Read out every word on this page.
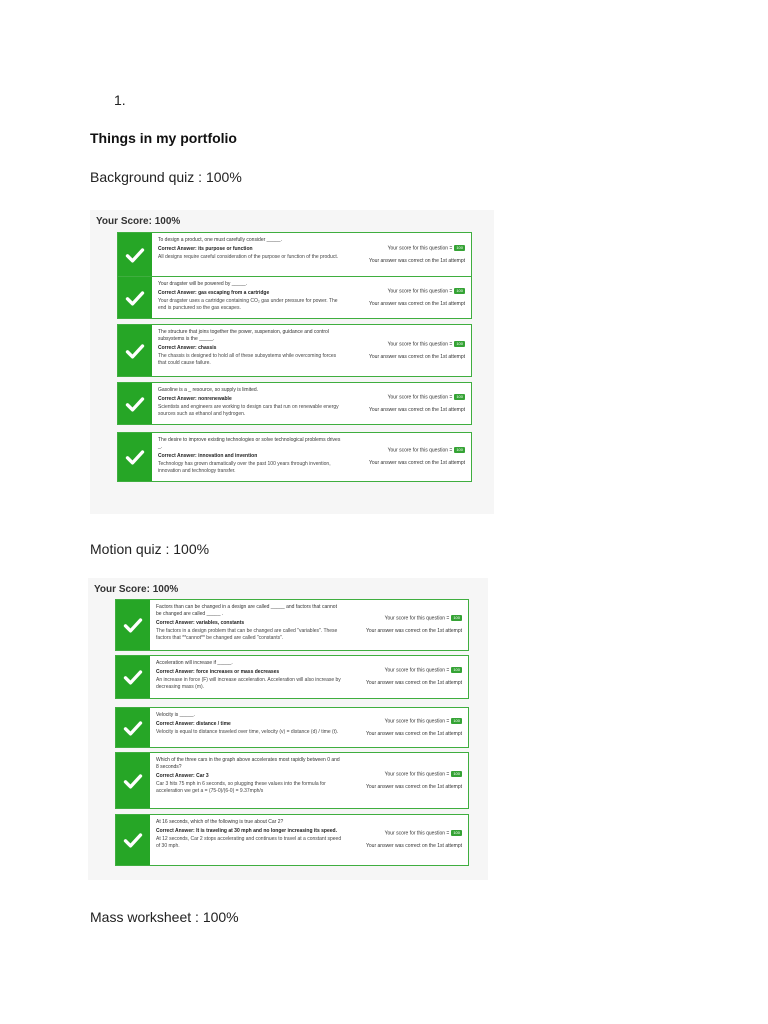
1.
Things in my portfolio
Background quiz : 100%
Your Score: 100%
To design a product, one must carefully consider _____.
Correct Answer: its purpose or function
All designs require careful consideration of the purpose or function of the product.
Your score for this question = 100
Your answer was correct on the 1st attempt
Your dragster will be powered by _____.
Correct Answer: gas escaping from a cartridge
Your dragster uses a cartridge containing CO₂ gas under pressure for power. The end is punctured so the gas escapes.
Your score for this question = 100
Your answer was correct on the 1st attempt
The structure that joins together the power, suspension, guidance and control subsystems is the _____.
Correct Answer: chassis
The chassis is designed to hold all of these subsystems while overcoming forces that could cause failure.
Your score for this question = 100
Your answer was correct on the 1st attempt
Gasoline is a _ resource, so supply is limited.
Correct Answer: nonrenewable
Scientists and engineers are working to design cars that run on renewable energy sources such as ethanol and hydrogen.
Your score for this question = 100
Your answer was correct on the 1st attempt
The desire to improve existing technologies or solve technological problems drives _.
Correct Answer: innovation and invention
Technology has grown dramatically over the past 100 years through invention, innovation and technology transfer.
Your score for this question = 100
Your answer was correct on the 1st attempt
Motion quiz : 100%
Your Score: 100%
Factors than can be changed in a design are called _____ and factors that cannot be changed are called _____ .
Correct Answer: variables, constants
The factors in a design problem that can be changed are called "variables". These factors that **cannot** be changed are called "constants".
Your score for this question = 100
Your answer was correct on the 1st attempt
Acceleration will increase if _____.
Correct Answer: force increases or mass decreases
An increase in force (F) will increase acceleration. Acceleration will also increase by decreasing mass (m).
Your score for this question = 100
Your answer was correct on the 1st attempt
Velocity is _____.
Correct Answer: distance / time
Velocity is equal to distance traveled over time, velocity (v) = distance (d) / time (t).
Your score for this question = 100
Your answer was correct on the 1st attempt
Which of the three cars in the graph above accelerates most rapidly between 0 and 8 seconds?
Correct Answer: Car 3
Car 3 hits 75 mph in 6 seconds, so plugging these values into the formula for acceleration we get a = (75-0)/(6-0) = 9.37mph/s
Your score for this question = 100
Your answer was correct on the 1st attempt
At 16 seconds, which of the following is true about Car 2?
Correct Answer: It is traveling at 30 mph and no longer increasing its speed.
At 12 seconds, Car 2 stops accelerating and continues to travel at a constant speed of 30 mph.
Your score for this question = 100
Your answer was correct on the 1st attempt
Mass worksheet : 100%
